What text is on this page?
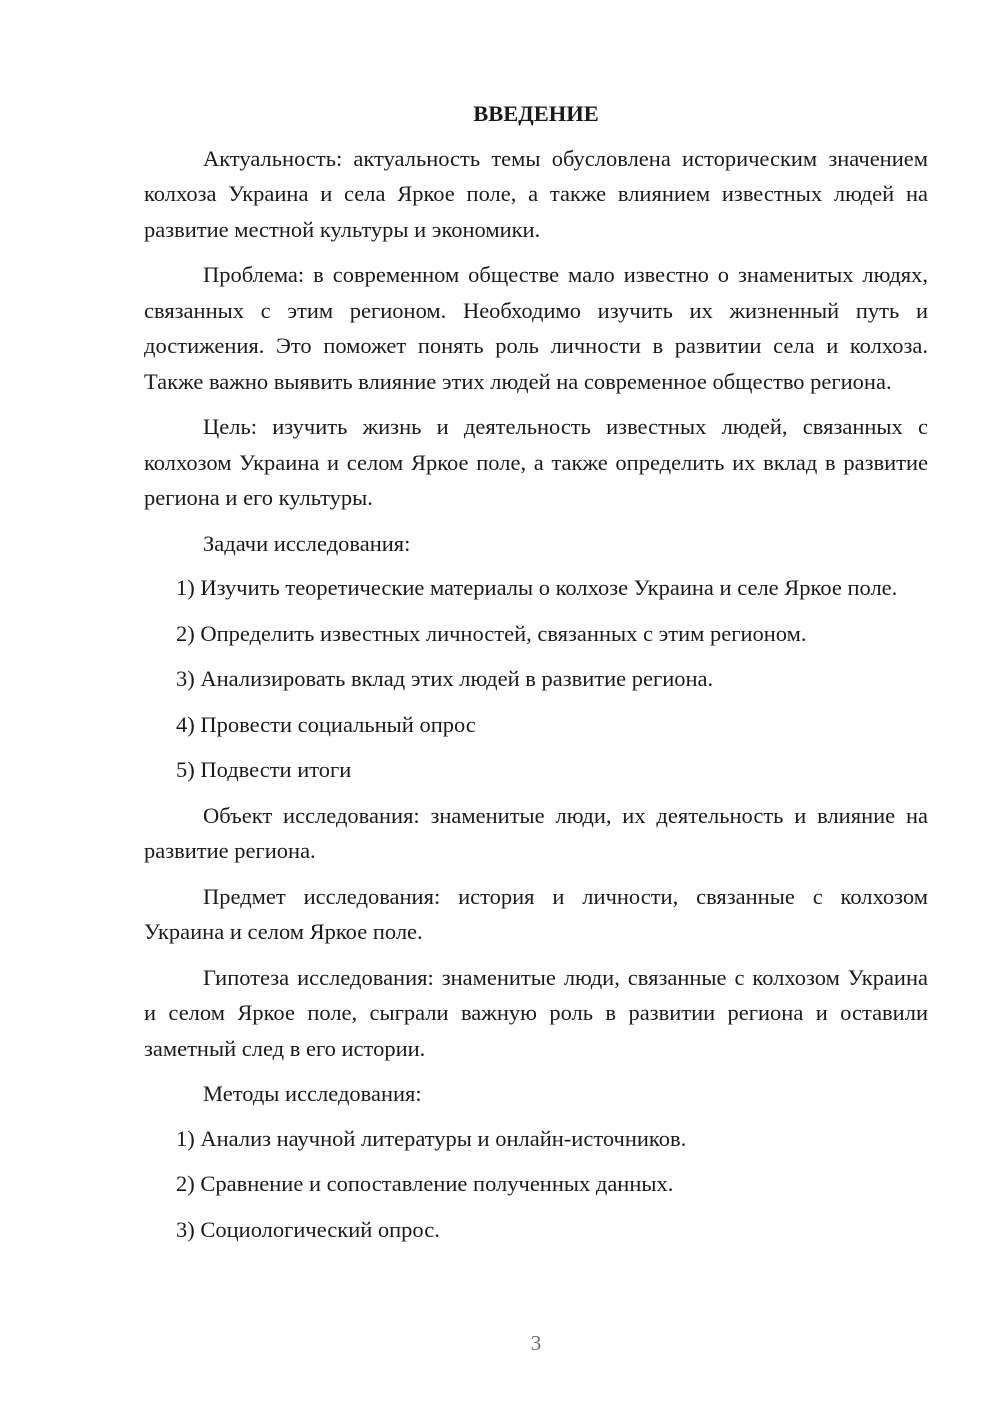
ВВЕДЕНИЕ

Актуальность: актуальность темы обусловлена историческим значением колхоза Украина и села Яркое поле, а также влиянием известных людей на развитие местной культуры и экономики.

Проблема: в современном обществе мало известно о знаменитых людях, связанных с этим регионом. Необходимо изучить их жизненный путь и достижения. Это поможет понять роль личности в развитии села и колхоза. Также важно выявить влияние этих людей на современное общество региона.

Цель: изучить жизнь и деятельность известных людей, связанных с колхозом Украина и селом Яркое поле, а также определить их вклад в развитие региона и его культуры.

Задачи исследования:

1) Изучить теоретические материалы о колхозе Украина и селе Яркое поле.

2) Определить известных личностей, связанных с этим регионом.

3) Анализировать вклад этих людей в развитие региона.

4) Провести социальный опрос

5) Подвести итоги

Объект исследования: знаменитые люди, их деятельность и влияние на развитие региона.

Предмет исследования: история и личности, связанные с колхозом Украина и селом Яркое поле.

Гипотеза исследования: знаменитые люди, связанные с колхозом Украина и селом Яркое поле, сыграли важную роль в развитии региона и оставили заметный след в его истории.

Методы исследования:

1) Анализ научной литературы и онлайн-источников.

2) Сравнение и сопоставление полученных данных.

3) Социологический опрос.

3
